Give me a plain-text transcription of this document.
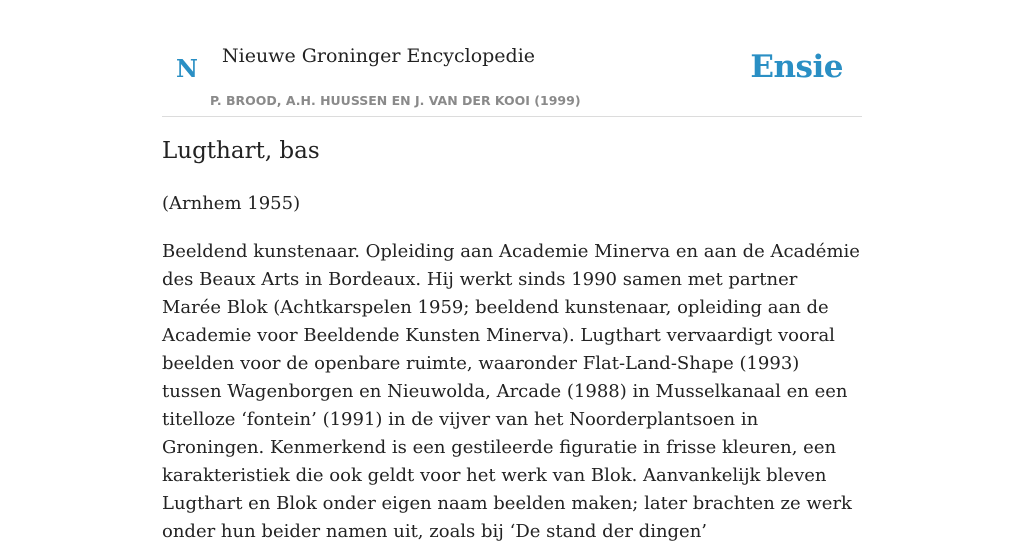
N Nieuwe Groninger Encyclopedie
P. BROOD, A.H. HUUSSEN EN J. VAN DER KOOI (1999)
Ensie
Lugthart, bas

(Arnhem 1955)

Beeldend kunstenaar. Opleiding aan Academie Minerva en aan de Académie des Beaux Arts in Bordeaux. Hij werkt sinds 1990 samen met partner Marée Blok (Achtkarspelen 1959; beeldend kunstenaar, opleiding aan de Academie voor Beeldende Kunsten Minerva). Lugthart vervaardigt vooral beelden voor de openbare ruimte, waaronder Flat-Land-Shape (1993) tussen Wagenborgen en Nieuwolda, Arcade (1988) in Musselkanaal en een titelloze ‘fontein’ (1991) in de vijver van het Noorderplantsoen in Groningen. Kenmerkend is een gestileerde figuratie in frisse kleuren, een karakteristiek die ook geldt voor het werk van Blok. Aanvankelijk bleven Lugthart en Blok onder eigen naam beelden maken; later brachten ze werk onder hun beider namen uit, zoals bij ‘De stand der dingen’
